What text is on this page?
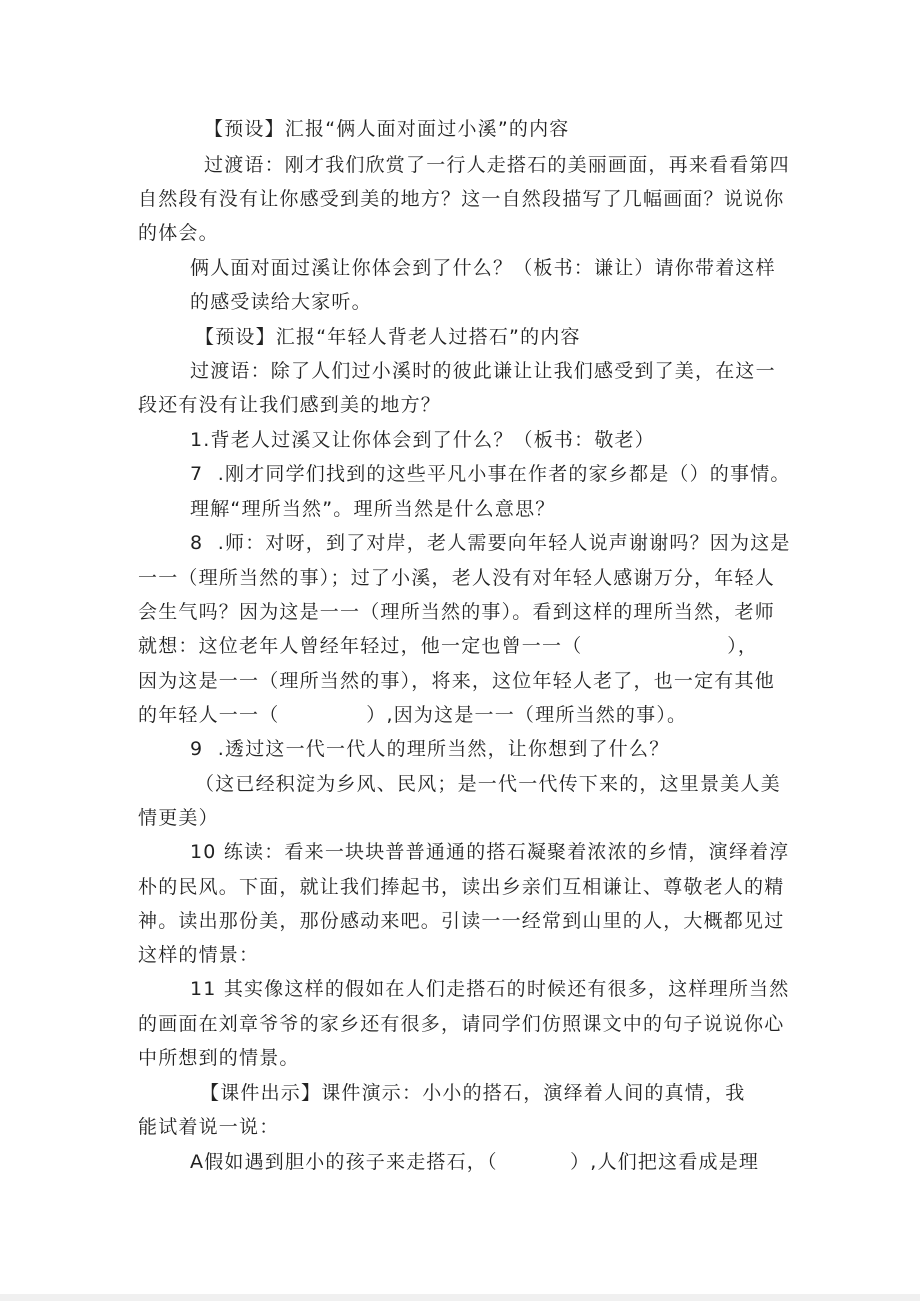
【预设】汇报“俩人面对面过小溪”的内容
过渡语：刚才我们欣赏了一行人走搭石的美丽画面，再来看看第四
自然段有没有让你感受到美的地方？这一自然段描写了几幅画面？说说你
的体会。
俩人面对面过溪让你体会到了什么？（板书：谦让）请你带着这样
的感受读给大家听。
【预设】汇报“年轻人背老人过搭石”的内容
过渡语：除了人们过小溪时的彼此谦让让我们感受到了美，在这一
段还有没有让我们感到美的地方？
1.背老人过溪又让你体会到了什么？（板书：敬老）
7  .刚才同学们找到的这些平凡小事在作者的家乡都是（）的事情。
理解“理所当然”。理所当然是什么意思？
8  .师：对呀，到了对岸，老人需要向年轻人说声谢谢吗？因为这是
一一（理所当然的事）；过了小溪，老人没有对年轻人感谢万分，年轻人
会生气吗？因为这是一一（理所当然的事）。看到这样的理所当然，老师
就想：这位老年人曾经年轻过，他一定也曾一一（                    ），
因为这是一一（理所当然的事），将来，这位年轻人老了，也一定有其他
的年轻人一一（            ）,因为这是一一（理所当然的事）。
9  .透过这一代一代人的理所当然，让你想到了什么？
（这已经积淀为乡风、民风；是一代一代传下来的，这里景美人美
情更美）
10 练读：看来一块块普普通通的搭石凝聚着浓浓的乡情，演绎着淳
朴的民风。下面，就让我们捧起书，读出乡亲们互相谦让、尊敬老人的精
神。读出那份美，那份感动来吧。引读一一经常到山里的人，大概都见过
这样的情景：
11 其实像这样的假如在人们走搭石的时候还有很多，这样理所当然
的画面在刘章爷爷的家乡还有很多，请同学们仿照课文中的句子说说你心
中所想到的情景。
【课件出示】课件演示：小小的搭石，演绎着人间的真情，我
能试着说一说：
A假如遇到胆小的孩子来走搭石，（          ）,人们把这看成是理
